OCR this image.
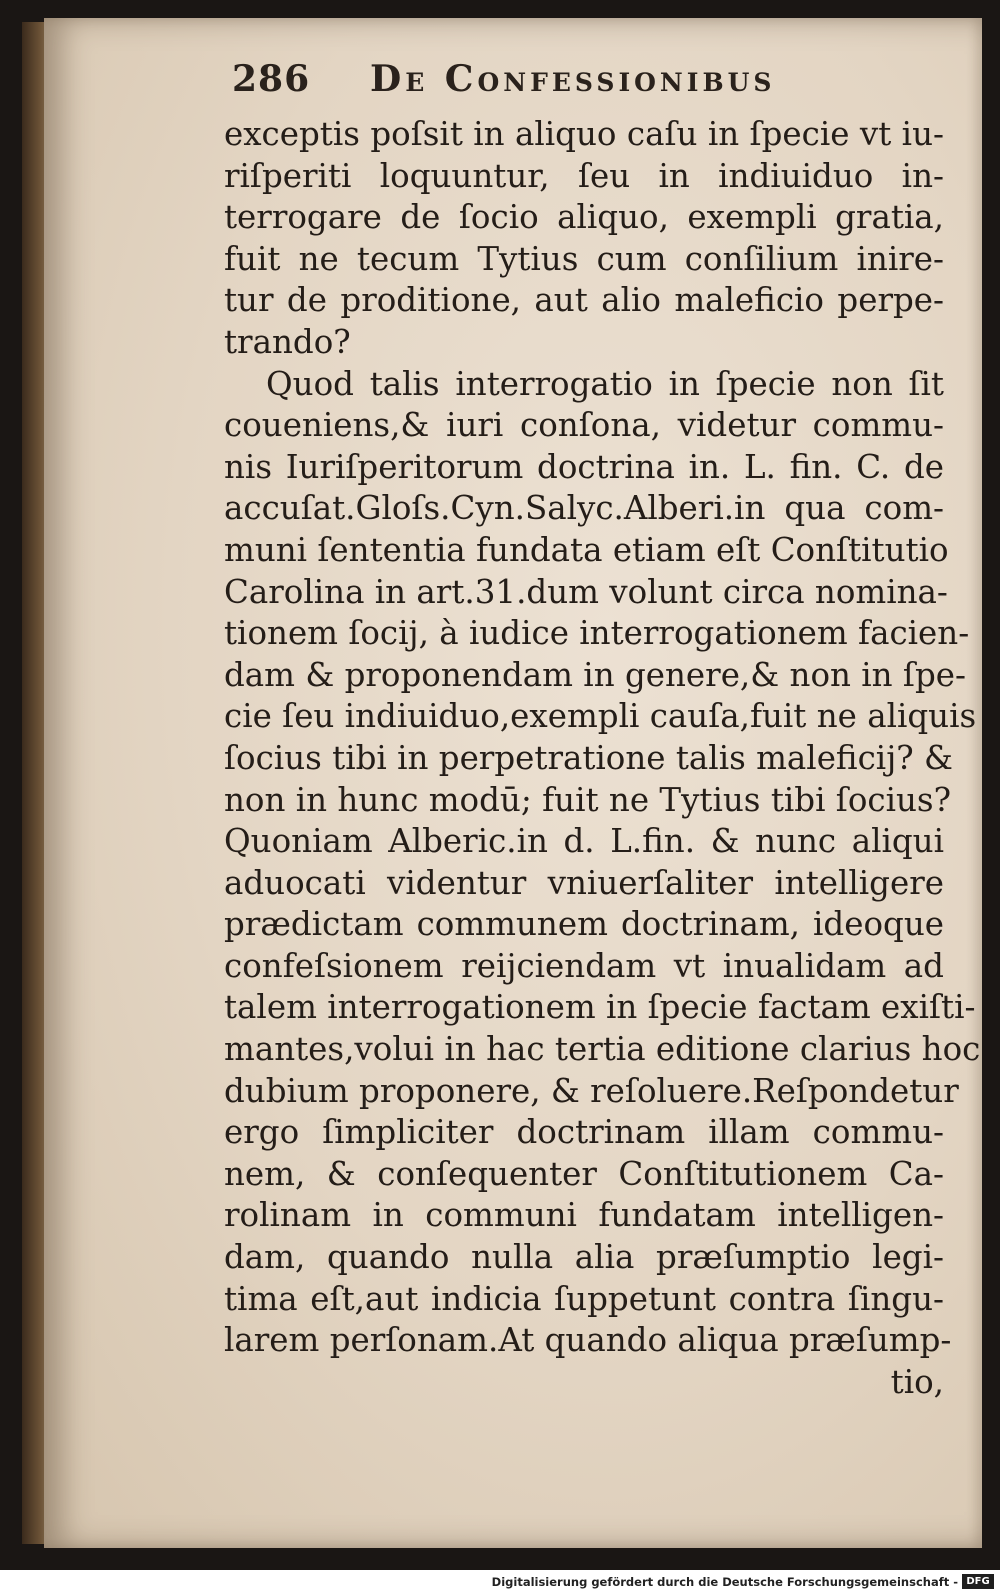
286 De Confessionibus
exceptis poſsit in aliquo caſu in ſpecie vt iu-
riſperiti loquuntur, ſeu in indiuiduo in-
terrogare de ſocio aliquo, exempli gratia,
fuit ne tecum Tytius cum conſilium inire-
tur de proditione, aut alio maleficio perpe-
trando?
Quod talis interrogatio in ſpecie non ſit
coueniens,& iuri conſona, videtur commu-
nis Iuriſperitorum doctrina in. L. fin. C. de
accuſat.Gloſs.Cyn.Salyc.Alberi.in qua com-
muni ſententia fundata etiam eſt Conſtitutio
Carolina in art.31.dum volunt circa nomina-
tionem ſocij, à iudice interrogationem facien-
dam & proponendam in genere,& non in ſpe-
cie ſeu indiuiduo,exempli cauſa,fuit ne aliquis
ſocius tibi in perpetratione talis maleficij? &
non in hunc modū; fuit ne Tytius tibi ſocius?
Quoniam Alberic.in d. L.fin. & nunc aliqui
aduocati videntur vniuerſaliter intelligere
prædictam communem doctrinam, ideoque
confeſsionem reijciendam vt inualidam ad
talem interrogationem in ſpecie factam exiſti-
mantes,volui in hac tertia editione clarius hoc
dubium proponere, & reſoluere.Reſpondetur
ergo ſimpliciter doctrinam illam commu-
nem, & conſequenter Conſtitutionem Ca-
rolinam in communi fundatam intelligen-
dam, quando nulla alia præſumptio legi-
tima eſt,aut indicia ſuppetunt contra ſingu-
larem perſonam.At quando aliqua præſump-
tio,
Digitalisierung gefördert durch die Deutsche Forschungsgemeinschaft - DFG
